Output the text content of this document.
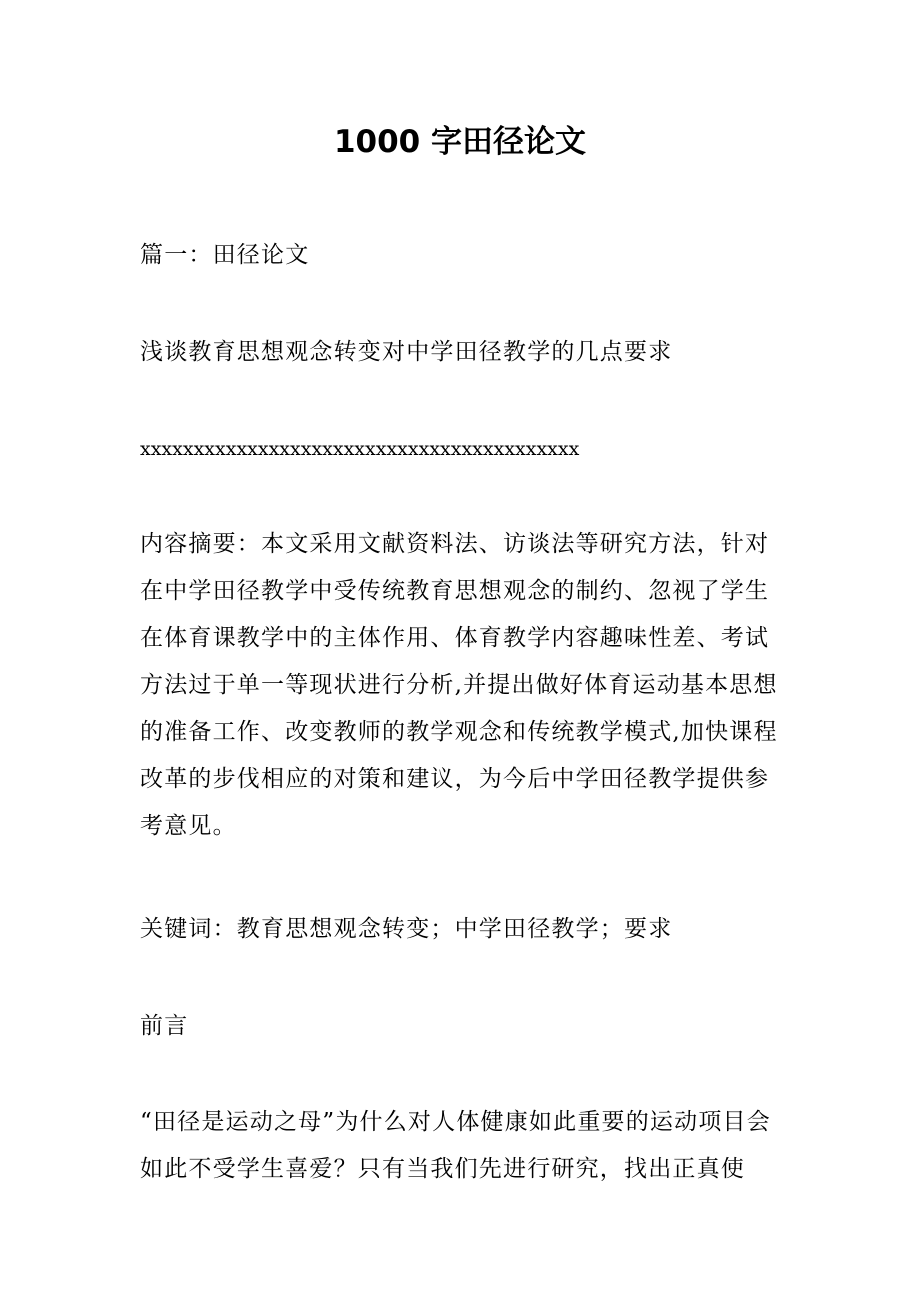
1000 字田径论文

篇一：田径论文

浅谈教育思想观念转变对中学田径教学的几点要求

xxxxxxxxxxxxxxxxxxxxxxxxxxxxxxxxxxxxxxxxx

内容摘要：本文采用文献资料法、访谈法等研究方法，针对在中学田径教学中受传统教育思想观念的制约、忽视了学生在体育课教学中的主体作用、体育教学内容趣味性差、考试方法过于单一等现状进行分析,并提出做好体育运动基本思想的准备工作、改变教师的教学观念和传统教学模式,加快课程改革的步伐相应的对策和建议，为今后中学田径教学提供参考意见。

关键词：教育思想观念转变；中学田径教学；要求

前言

“田径是运动之母”为什么对人体健康如此重要的运动项目会如此不受学生喜爱？只有当我们先进行研究，找出正真使
